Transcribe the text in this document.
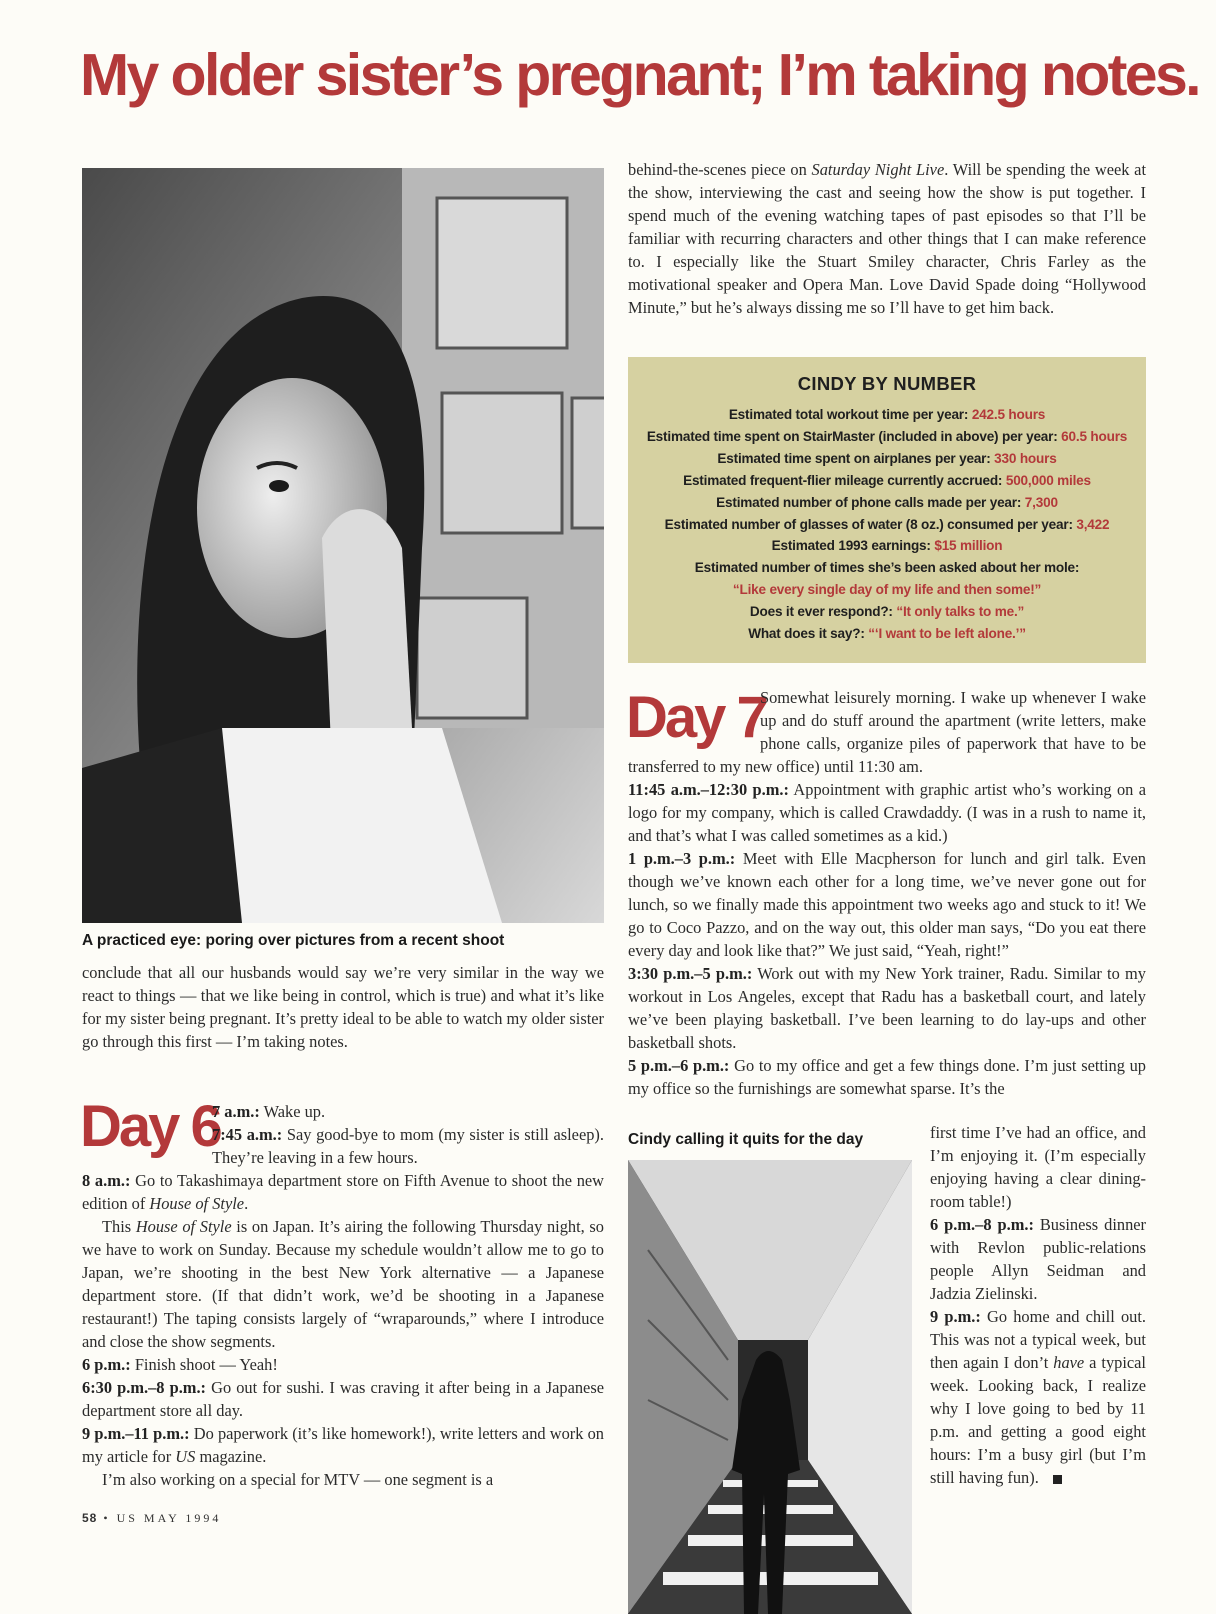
My older sister’s pregnant; I’m taking notes.
A practiced eye: poring over pictures from a recent shoot

conclude that all our husbands would say we’re very similar in the way we react to things — that we like being in control, which is true) and what it’s like for my sister being pregnant. It’s pretty ideal to be able to watch my older sister go through this first — I’m taking notes.

Day 6

7 a.m.: Wake up.

7:45 a.m.: Say good-bye to mom (my sister is still asleep). They’re leaving in a few hours.

8 a.m.: Go to Takashimaya department store on Fifth Avenue to shoot the new edition of House of Style.

This House of Style is on Japan. It’s airing the following Thursday night, so we have to work on Sunday. Because my schedule wouldn’t allow me to go to Japan, we’re shooting in the best New York alternative — a Japanese department store. (If that didn’t work, we’d be shooting in a Japanese restaurant!) The taping consists largely of “wraparounds,” where I introduce and close the show segments.

6 p.m.: Finish shoot — Yeah!

6:30 p.m.–8 p.m.: Go out for sushi. I was craving it after being in a Japanese department store all day.

9 p.m.–11 p.m.: Do paperwork (it’s like homework!), write letters and work on my article for US magazine.

I’m also working on a special for MTV — one segment is a

58 • US MAY 1994

behind-the-scenes piece on Saturday Night Live. Will be spending the week at the show, interviewing the cast and seeing how the show is put together. I spend much of the evening watching tapes of past episodes so that I’ll be familiar with recurring characters and other things that I can make reference to. I especially like the Stuart Smiley character, Chris Farley as the motivational speaker and Opera Man. Love David Spade doing “Hollywood Minute,” but he’s always dissing me so I’ll have to get him back.

CINDY BY NUMBER
Estimated total workout time per year: 242.5 hours
Estimated time spent on StairMaster (included in above) per year: 60.5 hours
Estimated time spent on airplanes per year: 330 hours
Estimated frequent-flier mileage currently accrued: 500,000 miles
Estimated number of phone calls made per year: 7,300
Estimated number of glasses of water (8 oz.) consumed per year: 3,422
Estimated 1993 earnings: $15 million
Estimated number of times she’s been asked about her mole:
“Like every single day of my life and then some!”
Does it ever respond?: “It only talks to me.”
What does it say?: “‘I want to be left alone.’”
Day 7

Somewhat leisurely morning. I wake up whenever I wake up and do stuff around the apartment (write letters, make phone calls, organize piles of paperwork that have to be transferred to my new office) until 11:30 am.

11:45 a.m.–12:30 p.m.: Appointment with graphic artist who’s working on a logo for my company, which is called Crawdaddy. (I was in a rush to name it, and that’s what I was called sometimes as a kid.)

1 p.m.–3 p.m.: Meet with Elle Macpherson for lunch and girl talk. Even though we’ve known each other for a long time, we’ve never gone out for lunch, so we finally made this appointment two weeks ago and stuck to it! We go to Coco Pazzo, and on the way out, this older man says, “Do you eat there every day and look like that?” We just said, “Yeah, right!”

3:30 p.m.–5 p.m.: Work out with my New York trainer, Radu. Similar to my workout in Los Angeles, except that Radu has a basketball court, and lately we’ve been playing basketball. I’ve been learning to do lay-ups and other basketball shots.

5 p.m.–6 p.m.: Go to my office and get a few things done. I’m just setting up my office so the furnishings are somewhat sparse. It’s the

Cindy calling it quits for the day	first time I’ve had an office, and I’m enjoying it. (I’m especially enjoying having a clear dining-room table!)

6 p.m.–8 p.m.: Business dinner with Revlon public-relations people Allyn Seidman and Jadzia Zielinski.

9 p.m.: Go home and chill out. This was not a typical week, but then again I don’t have a typical week. Looking back, I realize why I love going to bed by 11 p.m. and getting a good eight hours: I’m a busy girl (but I’m still having fun).
